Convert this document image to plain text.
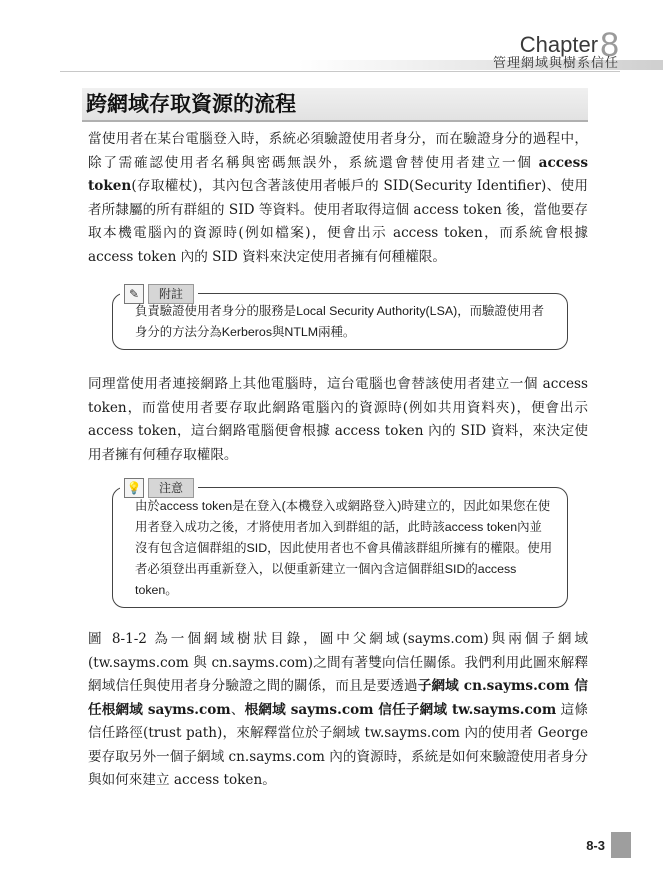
Chapter8
管理網域與樹系信任
跨網域存取資源的流程

當使用者在某台電腦登入時，系統必須驗證使用者身分，而在驗證身分的過程中，除了需確認使用者名稱與密碼無誤外，系統還會替使用者建立一個 access token(存取權杖)，其內包含著該使用者帳戶的 SID(Security Identifier)、使用者所隸屬的所有群組的 SID 等資料。使用者取得這個 access token 後，當他要存取本機電腦內的資源時(例如檔案)，便會出示 access token，而系統會根據 access token 內的 SID 資料來決定使用者擁有何種權限。

負責驗證使用者身分的服務是Local Security Authority(LSA)，而驗證使用者身分的方法分為Kerberos與NTLM兩種。
✎	附註

同理當使用者連接網路上其他電腦時，這台電腦也會替該使用者建立一個 access token，而當使用者要存取此網路電腦內的資源時(例如共用資料夾)，便會出示 access token，這台網路電腦便會根據 access token 內的 SID 資料，來決定使用者擁有何種存取權限。

由於access token是在登入(本機登入或網路登入)時建立的，因此如果您在使用者登入成功之後，才將使用者加入到群組的話，此時該access token內並沒有包含這個群組的SID，因此使用者也不會具備該群組所擁有的權限。使用者必須登出再重新登入，以便重新建立一個內含這個群組SID的access token。
💡	注意

圖 8-1-2 為一個網域樹狀目錄，圖中父網域(sayms.com)與兩個子網域(tw.sayms.com 與 cn.sayms.com)之間有著雙向信任關係。我們利用此圖來解釋網域信任與使用者身分驗證之間的關係，而且是要透過子網域 cn.sayms.com 信任根網域 sayms.com、根網域 sayms.com 信任子網域 tw.sayms.com 這條信任路徑(trust path)，來解釋當位於子網域 tw.sayms.com 內的使用者 George 要存取另外一個子網域 cn.sayms.com 內的資源時，系統是如何來驗證使用者身分與如何來建立 access token。

8-3
